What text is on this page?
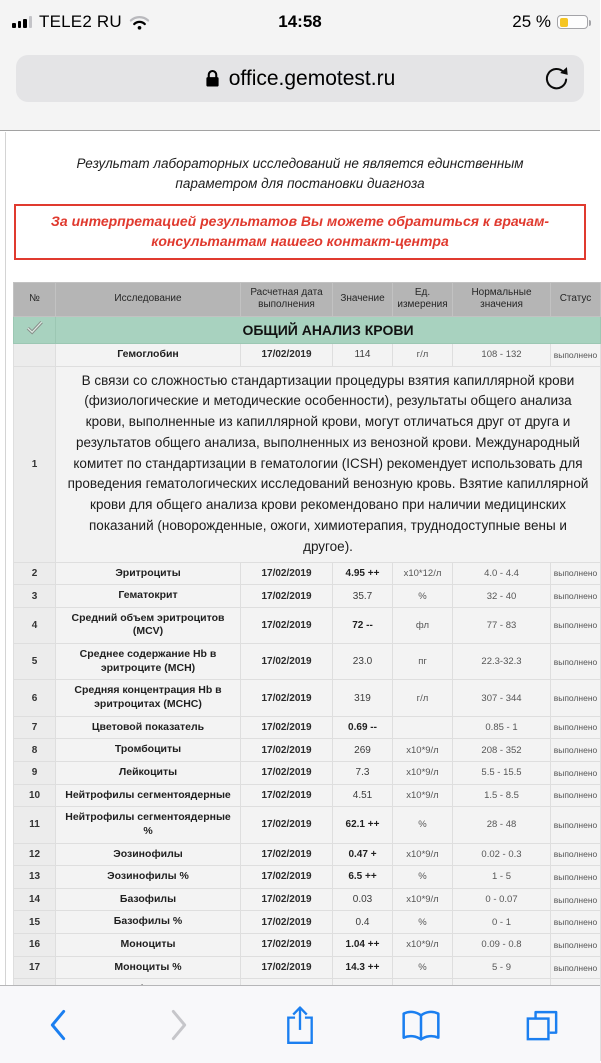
TELE2 RU	14:58	25 %
office.gemotest.ru
Результат лабораторных исследований не является единственным параметром для постановки диагноза
За интерпретацией результатов Вы можете обратиться к врачам-консультантам нашего контакт-центра
№	Исследование	Расчетная дата выполнения	Значение	Ед. измерения	Нормальные значения	Статус
	ОБЩИЙ АНАЛИЗ КРОВИ					
	Гемоглобин	17/02/2019	114	г/л	108 - 132	выполнено
1	В связи со сложностью стандартизации процедуры взятия капиллярной крови (физиологические и методические особенности), результаты общего анализа крови, выполненные из капиллярной крови, могут отличаться друг от друга и результатов общего анализа, выполненных из венозной крови. Международный комитет по стандартизации в гематологии (ICSH) рекомендует использовать для проведения гематологических исследований венозную кровь. Взятие капиллярной крови для общего анализа крови рекомендовано при наличии медицинских показаний (новорожденные, ожоги, химиотерапия, труднодоступные вены и другое).					
2	Эритроциты	17/02/2019	4.95 ++	х10*12/л	4.0 - 4.4	выполнено
3	Гематокрит	17/02/2019	35.7	%	32 - 40	выполнено
4	Средний объем эритроцитов (MCV)	17/02/2019	72 --	фл	77 - 83	выполнено
5	Среднее содержание Hb в эритроците (MCH)	17/02/2019	23.0	пг	22.3-32.3	выполнено
6	Средняя концентрация Hb в эритроцитах (MCHC)	17/02/2019	319	г/л	307 - 344	выполнено
7	Цветовой показатель	17/02/2019	0.69 --		0.85 - 1	выполнено
8	Тромбоциты	17/02/2019	269	х10*9/л	208 - 352	выполнено
9	Лейкоциты	17/02/2019	7.3	х10*9/л	5.5 - 15.5	выполнено
10	Нейтрофилы сегментоядерные	17/02/2019	4.51	х10*9/л	1.5 - 8.5	выполнено
11	Нейтрофилы сегментоядерные %	17/02/2019	62.1 ++	%	28 - 48	выполнено
12	Эозинофилы	17/02/2019	0.47 +	х10*9/л	0.02 - 0.3	выполнено
13	Эозинофилы %	17/02/2019	6.5 ++	%	1 - 5	выполнено
14	Базофилы	17/02/2019	0.03	х10*9/л	0 - 0.07	выполнено
15	Базофилы %	17/02/2019	0.4	%	0 - 1	выполнено
16	Моноциты	17/02/2019	1.04 ++	х10*9/л	0.09 - 0.8	выполнено
17	Моноциты %	17/02/2019	14.3 ++	%	5 - 9	выполнено
